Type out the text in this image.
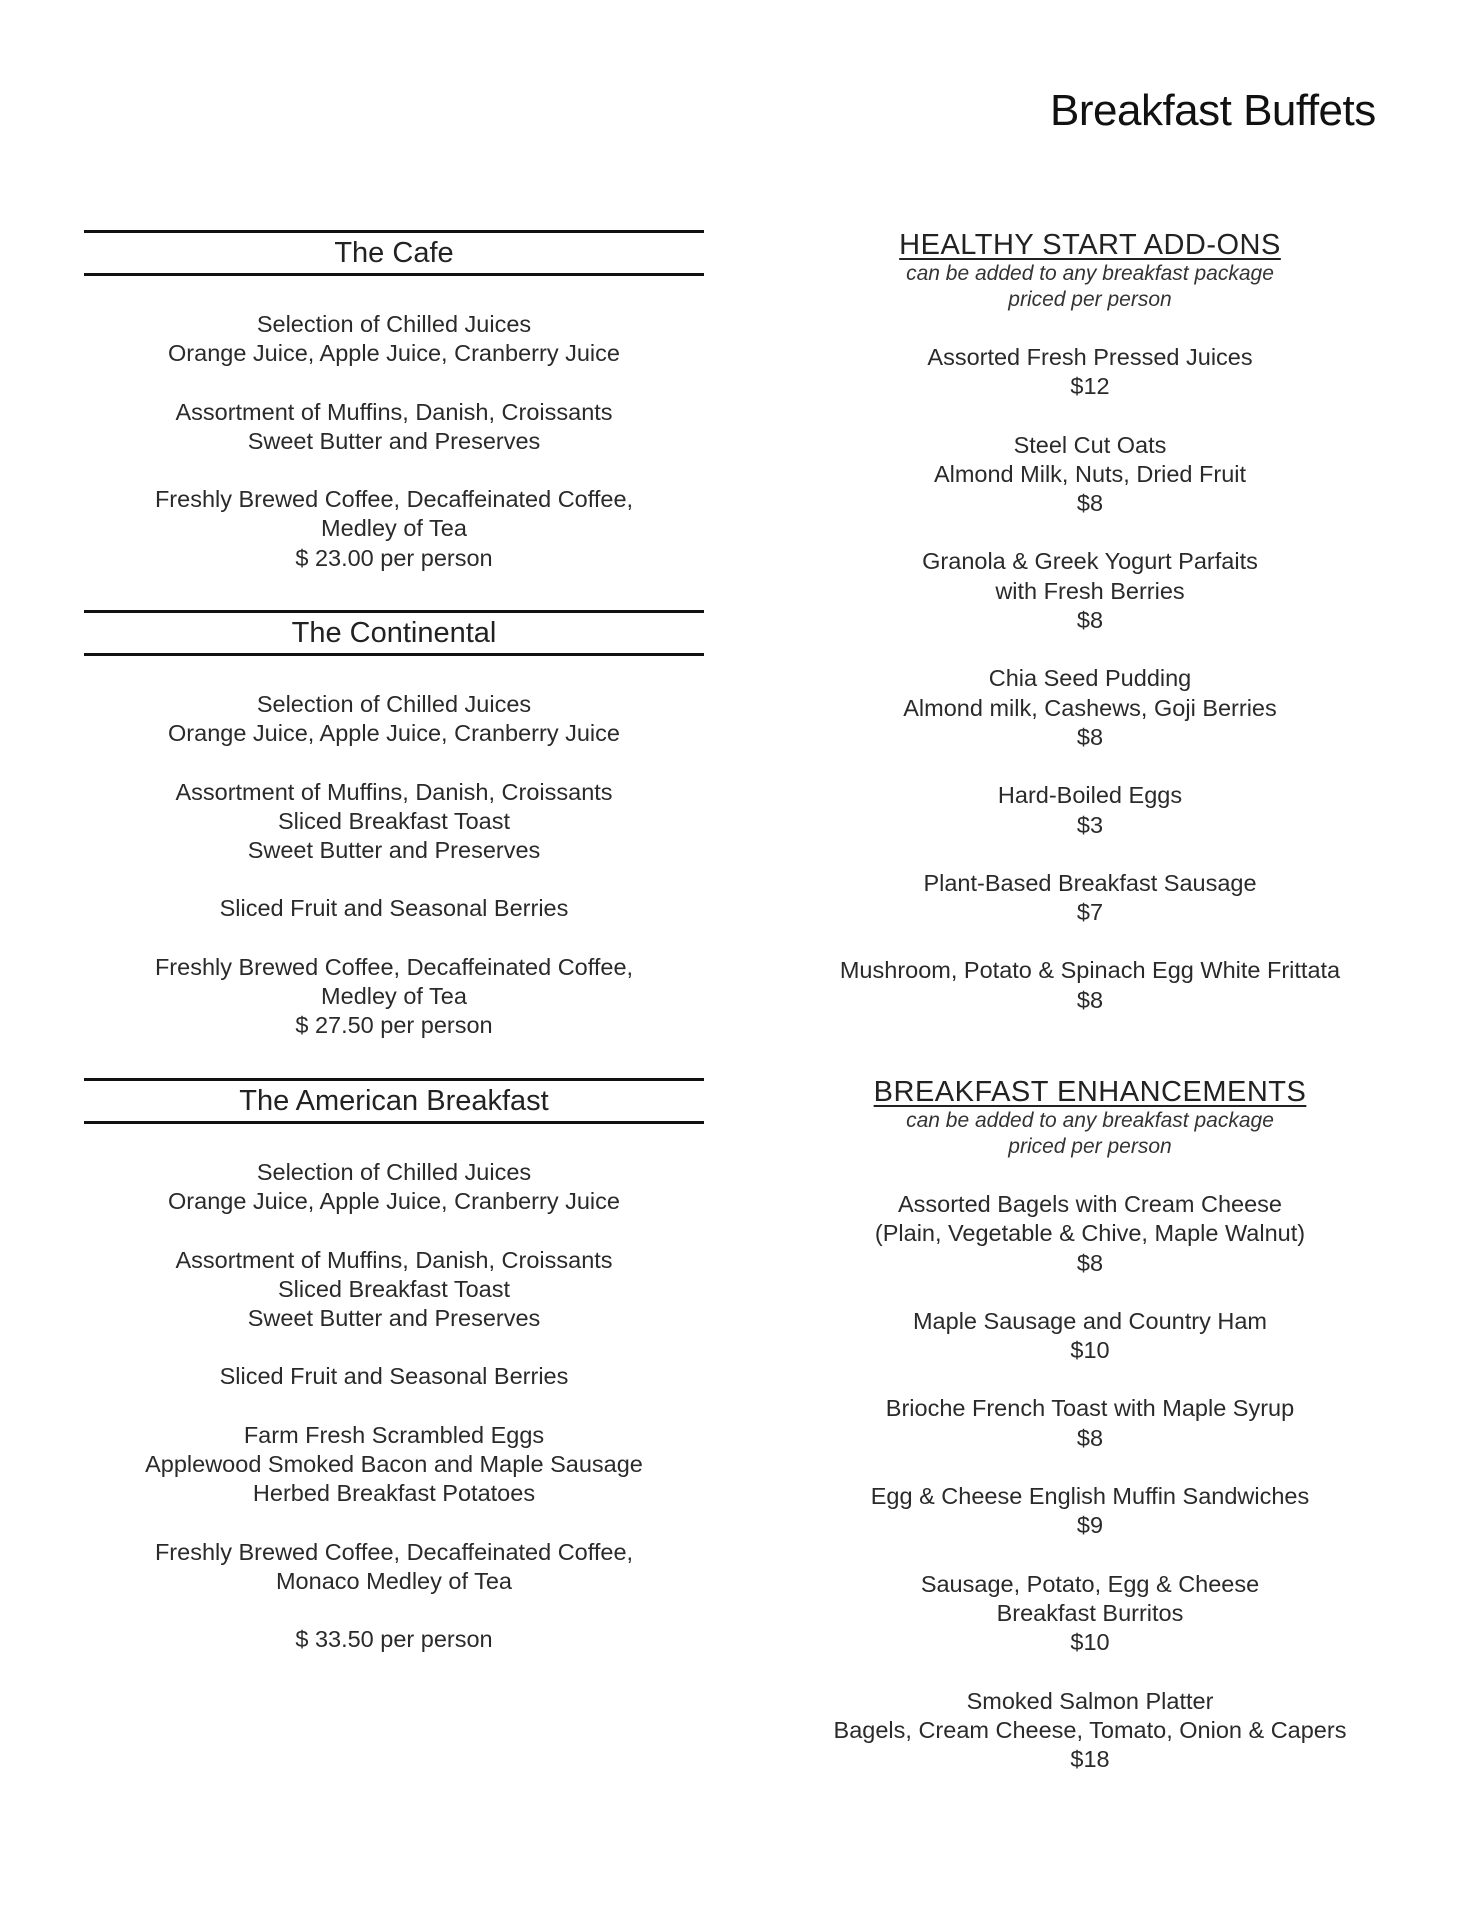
Breakfast Buffets
The Cafe
Selection of Chilled Juices
Orange Juice, Apple Juice, Cranberry Juice
Assortment of Muffins, Danish, Croissants
Sweet Butter and Preserves
Freshly Brewed Coffee, Decaffeinated Coffee,
Medley of Tea
$ 23.00 per person
The Continental
Selection of Chilled Juices
Orange Juice, Apple Juice, Cranberry Juice
Assortment of Muffins, Danish, Croissants
Sliced Breakfast Toast
Sweet Butter and Preserves
Sliced Fruit and Seasonal Berries
Freshly Brewed Coffee, Decaffeinated Coffee,
Medley of Tea
$ 27.50 per person
The American Breakfast
Selection of Chilled Juices
Orange Juice, Apple Juice, Cranberry Juice
Assortment of Muffins, Danish, Croissants
Sliced Breakfast Toast
Sweet Butter and Preserves
Sliced Fruit and Seasonal Berries
Farm Fresh Scrambled Eggs
Applewood Smoked Bacon and Maple Sausage
Herbed Breakfast Potatoes
Freshly Brewed Coffee, Decaffeinated Coffee,
Monaco Medley of Tea
$ 33.50 per person
HEALTHY START ADD-ONS
can be added to any breakfast package
priced per person
Assorted Fresh Pressed Juices
$12
Steel Cut Oats
Almond Milk, Nuts, Dried Fruit
$8
Granola & Greek Yogurt Parfaits
with Fresh Berries
$8
Chia Seed Pudding
Almond milk, Cashews, Goji Berries
$8
Hard-Boiled Eggs
$3
Plant-Based Breakfast Sausage
$7
Mushroom, Potato & Spinach Egg White Frittata
$8
BREAKFAST ENHANCEMENTS
can be added to any breakfast package
priced per person
Assorted Bagels with Cream Cheese
(Plain, Vegetable & Chive, Maple Walnut)
$8
Maple Sausage and Country Ham
$10
Brioche French Toast with Maple Syrup
$8
Egg & Cheese English Muffin Sandwiches
$9
Sausage, Potato, Egg & Cheese
Breakfast Burritos
$10
Smoked Salmon Platter
Bagels, Cream Cheese, Tomato, Onion & Capers
$18
